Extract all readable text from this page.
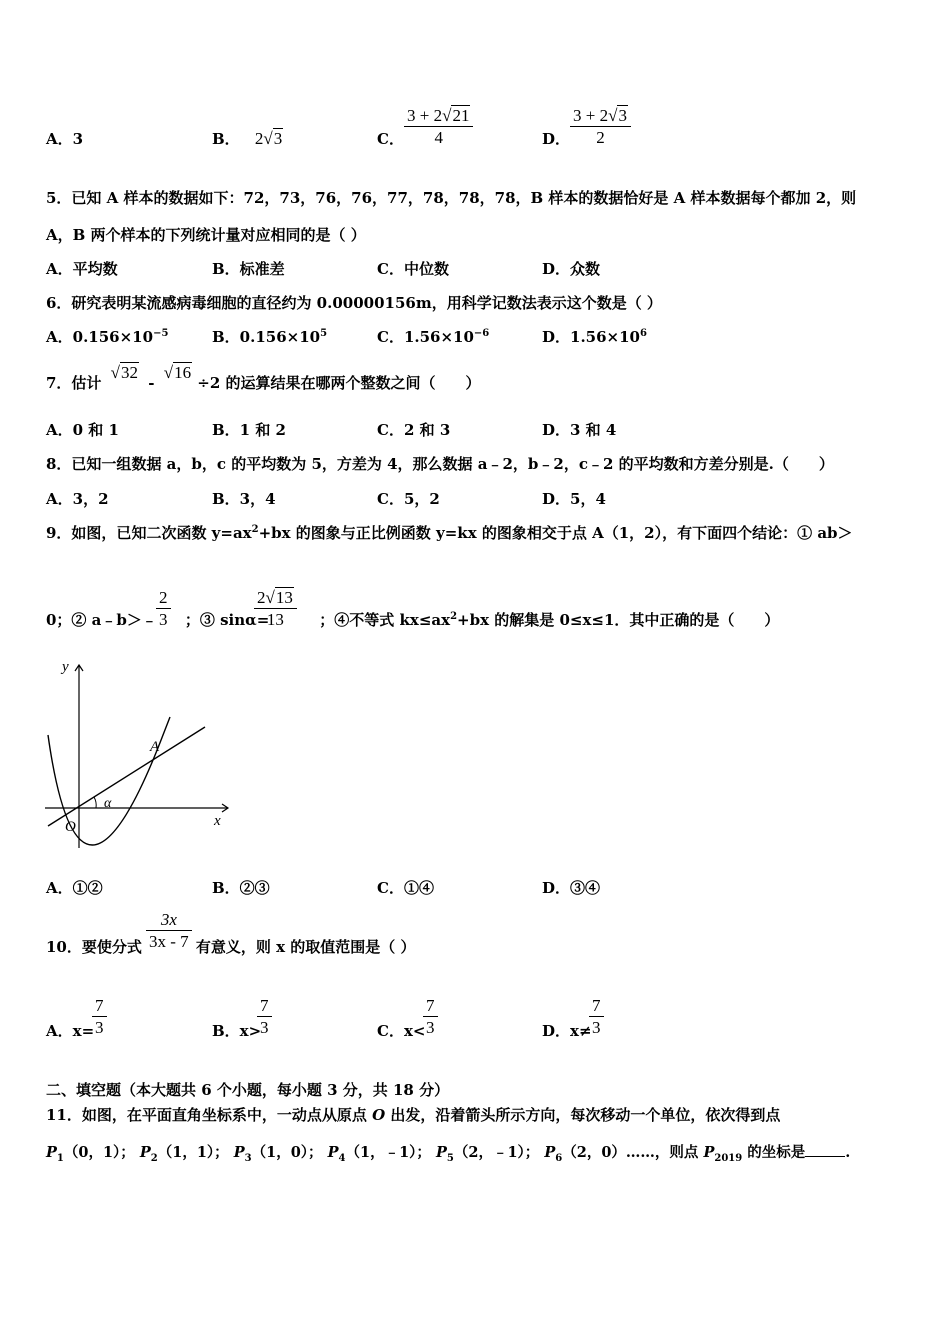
A．3	B． 2√3	C．
3 + 2√21
4	D．
3 + 2√3
2
5．已知 A 样本的数据如下：72，73，76，76，77，78，78，78，B 样本的数据恰好是 A 样本数据每个都加 2，则
A，B 两个样本的下列统计量对应相同的是（ ）
A．平均数	B．标准差	C．中位数	D．众数
6．研究表明某流感病毒细胞的直径约为 0.00000156m，用科学记数法表示这个数是（ ）
A．$0.156\times 10^{-5}$	B．$0.156\times 10^5$	C．$1.56\times 10^{-6}$	D．$1.56\times 10^6$
7．估计 √32 - √16 ÷2 的运算结果在哪两个整数之间（　　）
A．0 和 1	B．1 和 2	C．2 和 3	D．3 和 4
8．已知一组数据 a，b，c 的平均数为 5，方差为 4，那么数据 a﹣2，b﹣2，c﹣2 的平均数和方差分别是.（　　）
A．3，2	B．3，4	C．5，2	D．5，4
9．如图，已知二次函数 $y=ax^2+bx$ 的图象与正比例函数 y=kx 的图象相交于点 A（1，2），有下面四个结论：① ab＞
0；② a﹣b＞﹣ ；③ sinα=	；④不等式 $kx\le ax^2+bx$ 的解集是 0≤x≤1．其中正确的是（　　）
2
3
2√13
13
y
x
O
A
α
A．①②	B．②③	C．①④	D．③④
10．要使分式	有意义，则 x 的取值范围是（ ）
3x
3x - 7
A．x=
7
3	B．x>
7
3	C．x<
7
3	D．x≠
7
3
二、填空题（本大题共 6 个小题，每小题 3 分，共 18 分）
11．如图，在平面直角坐标系中，一动点从原点 O 出发，沿着箭头所示方向，每次移动一个单位，依次得到点
$P_1(0$，1）； $P_2(1$，1）； $P_3(1$，0）； $P_4(1$，﹣1）； $P_5(2$，﹣1）； $P_6(2$，0）……，则点 $P_{2019}$ 的坐标是	.
